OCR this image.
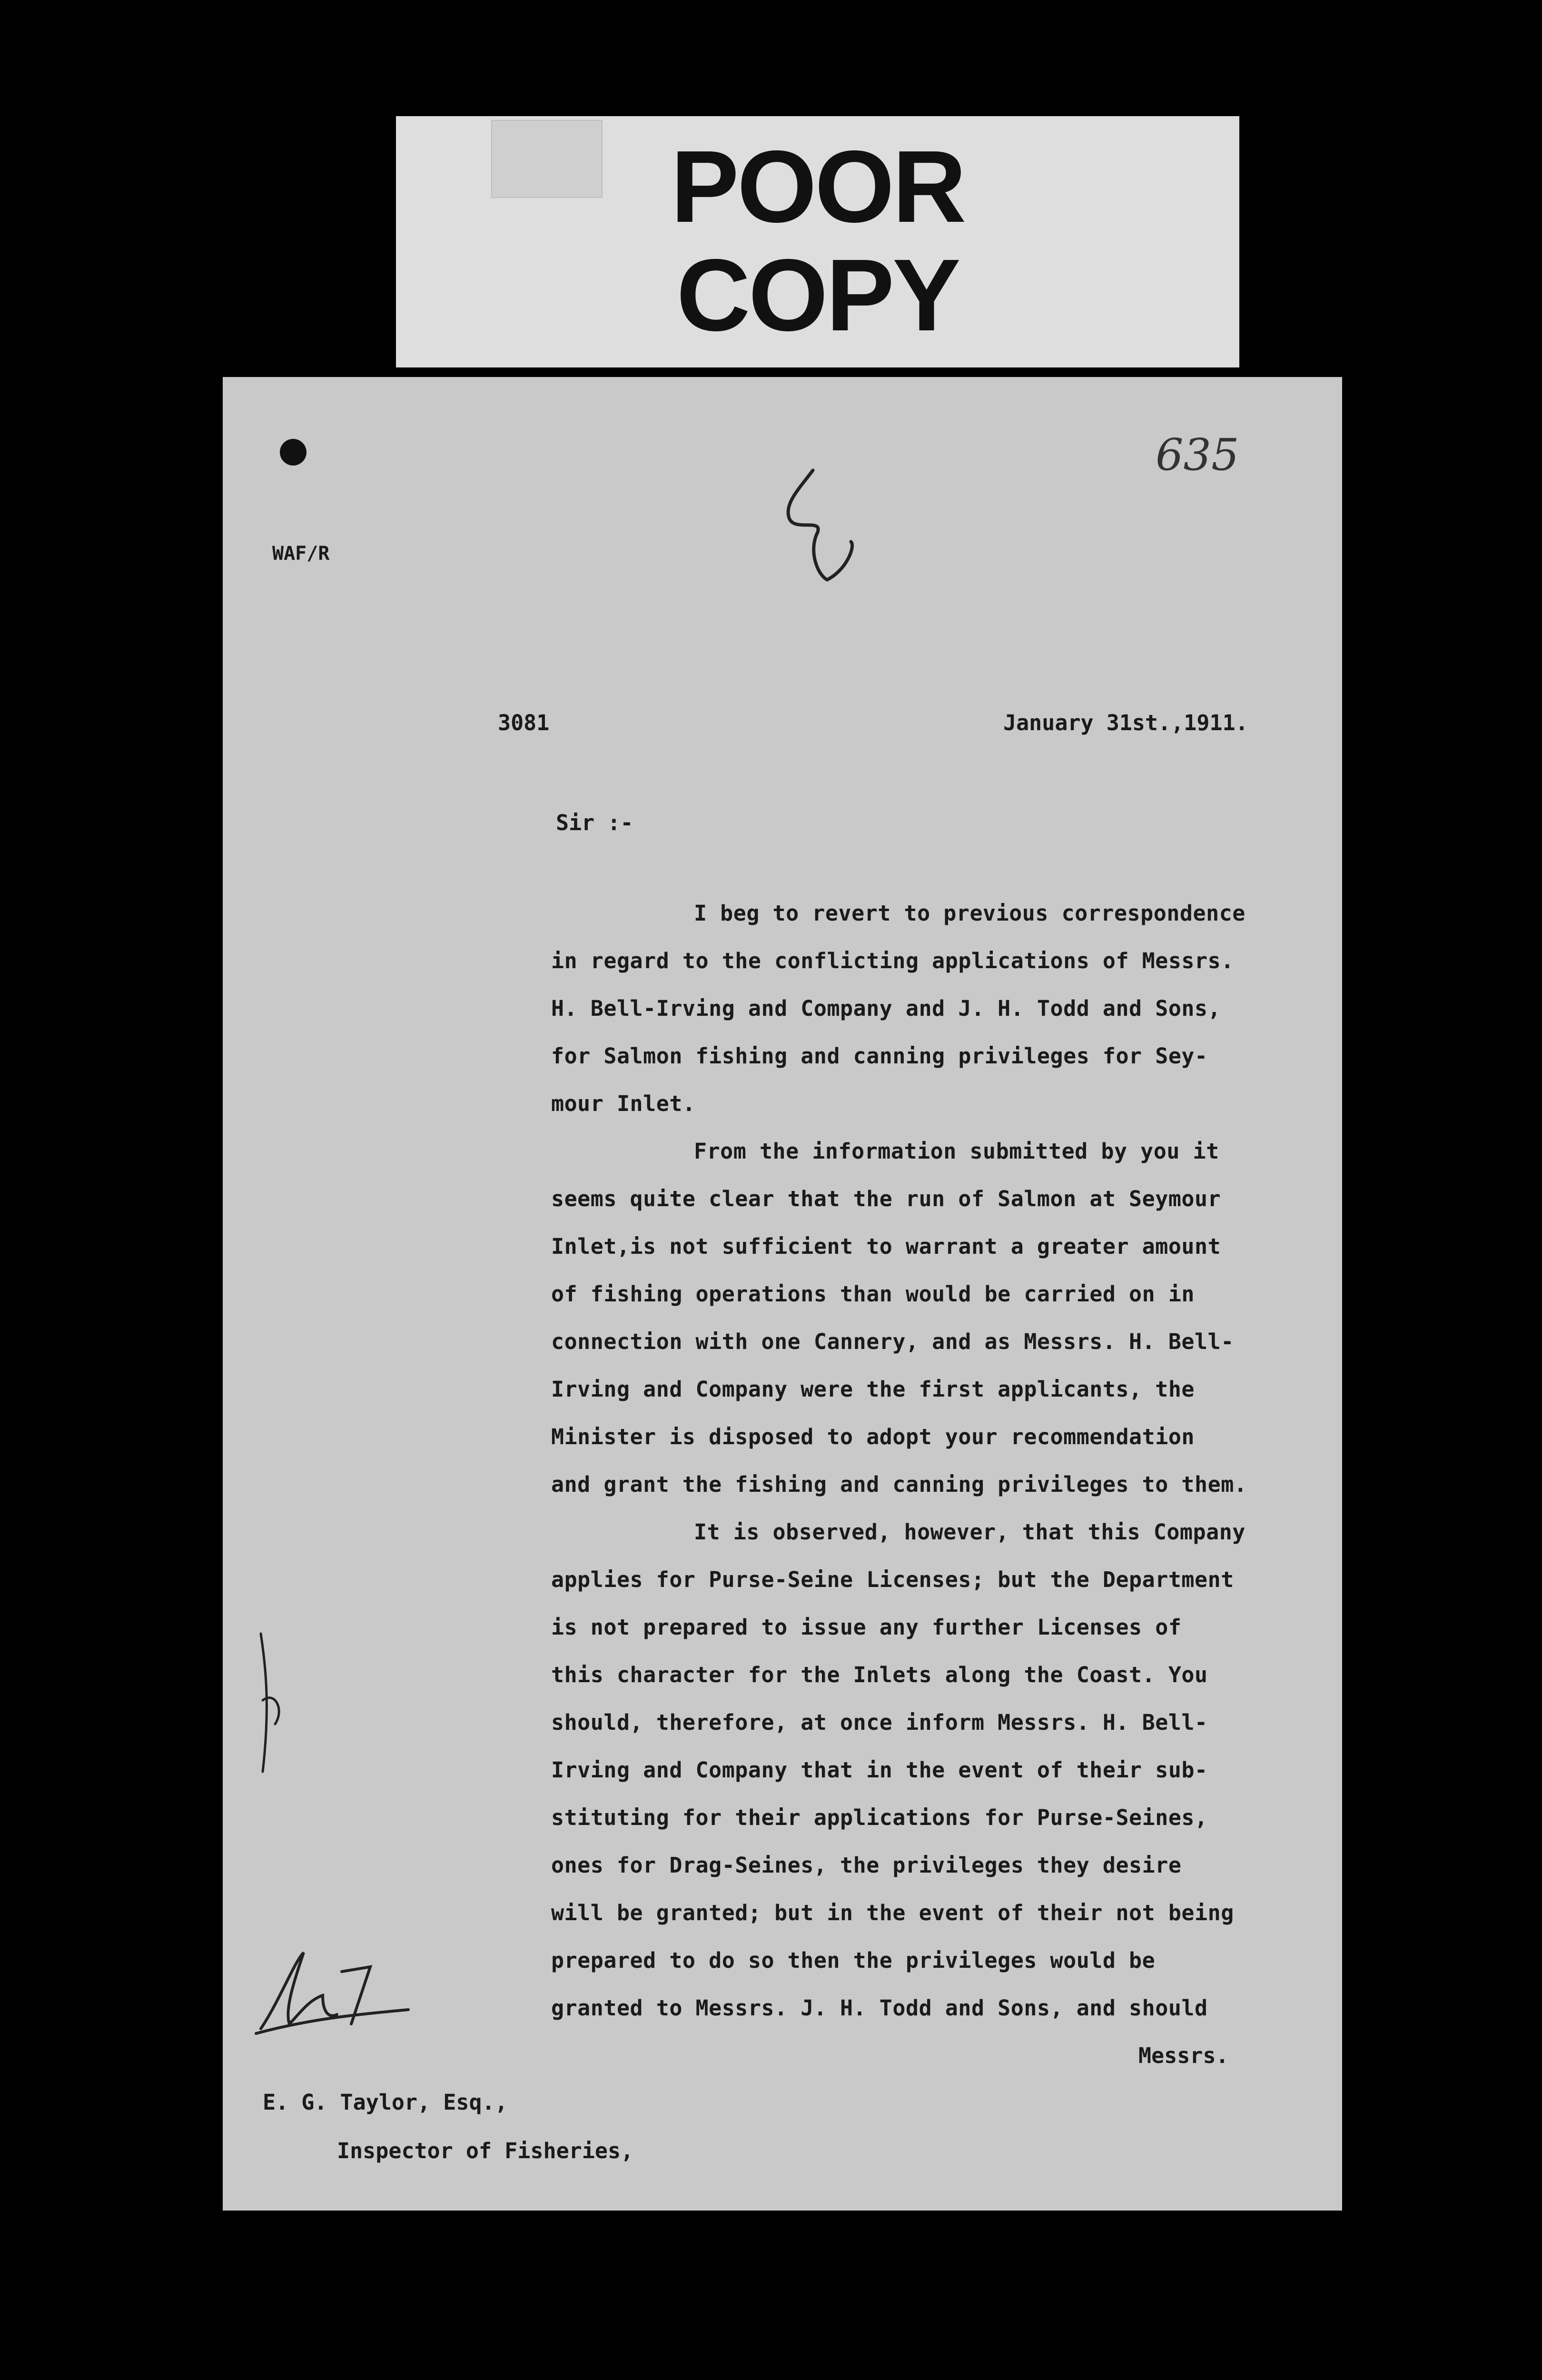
POOR
COPY
WAF/R
635
3081	January 31st.,1911.
Sir :-
I beg to revert to previous correspondence
in regard to the conflicting applications of Messrs.
H. Bell-Irving and Company and J. H. Todd and Sons,
for Salmon fishing and canning privileges for Sey-
mour Inlet.
From the information submitted by you it
seems quite clear that the run of Salmon at Seymour
Inlet,is not sufficient to warrant a greater amount
of fishing operations than would be carried on in
connection with one Cannery, and as Messrs. H. Bell-
Irving and Company were the first applicants, the
Minister is disposed to adopt your recommendation
and grant the fishing and canning privileges to them.
It is observed, however, that this Company
applies for Purse-Seine Licenses; but the Department
is not prepared to issue any further Licenses of
this character for the Inlets along the Coast. You
should, therefore, at once inform Messrs. H. Bell-
Irving and Company that in the event of their sub-
stituting for their applications for Purse-Seines,
ones for Drag-Seines, the privileges they desire
will be granted; but in the event of their not being
prepared to do so then the privileges would be
granted to Messrs. J. H. Todd and Sons, and should
Messrs.
E. G. Taylor, Esq.,
Inspector of Fisheries,
